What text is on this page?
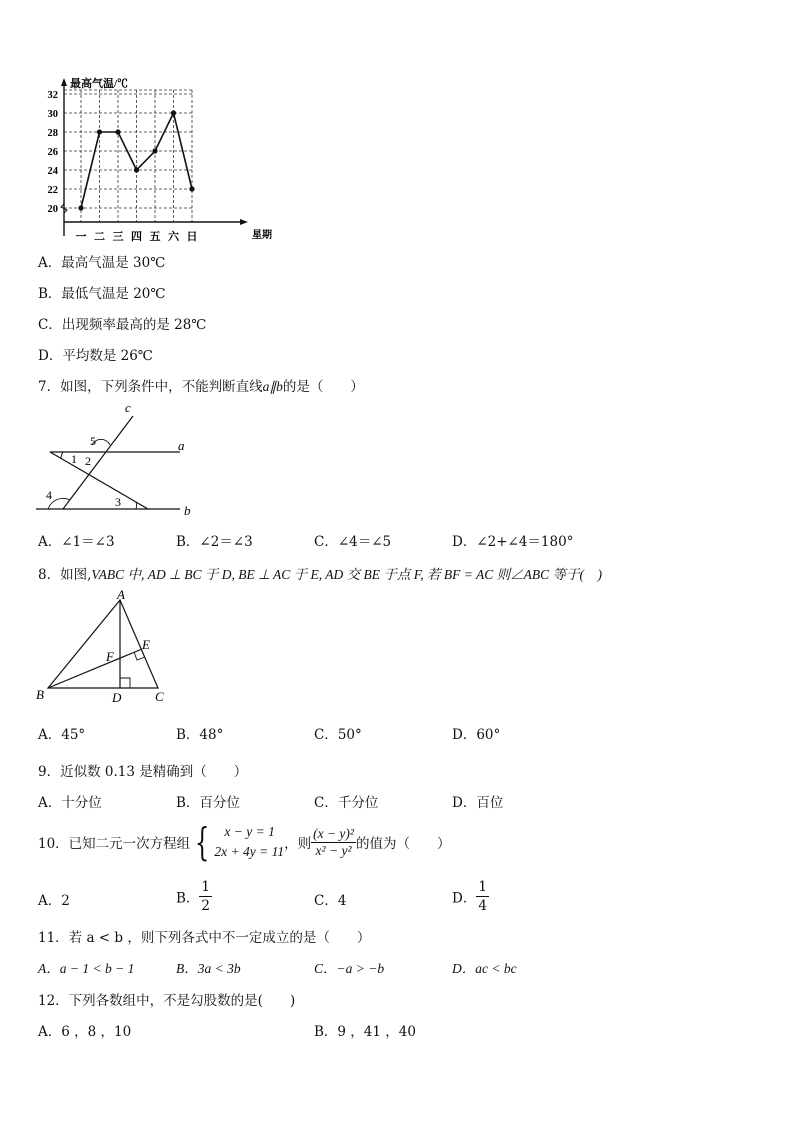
最高气温/℃
星期
32
30
28
26
24
22
20
一 二 三 四 五 六 日
A．最高气温是 30℃
B．最低气温是 20℃
C．出现频率最高的是 28℃
D．平均数是 26℃
7．如图，下列条件中，不能判断直线a∥b的是（　　）
c
a
b
1 2
3
4
5
A．∠1＝∠3	B．∠2＝∠3	C．∠4＝∠5	D．∠2+∠4＝180°
8．如图,VABC 中, AD ⊥ BC 于 D, BE ⊥ AC 于 E, AD 交 BE 于点 F, 若 BF = AC 则∠ABC 等于(　)
A
B	C
D
E
F
A．45°	B．48°	C．50°	D．60°
9．近似数 0.13 是精确到（　　）
A．十分位	B．百分位	C．千分位	D．百位
10．已知二元一次方程组 {	x − y = 1
2x + 4y = 11 ，则 $\frac{\text{(x − y)²}}{\text{x² − y²}}$ 的值为（　　）
A．2	B． $\frac{1}{2}$	C．4	D． $\frac{1}{4}$
11．若 a < b ，则下列各式中不一定成立的是（　　）
A．a − 1 < b − 1	B．3a < 3b	C．−a > −b	D．ac < bc
12．下列各数组中，不是勾股数的是(　　)
A．6 ，8 ，10	B．9 ，41 ，40
